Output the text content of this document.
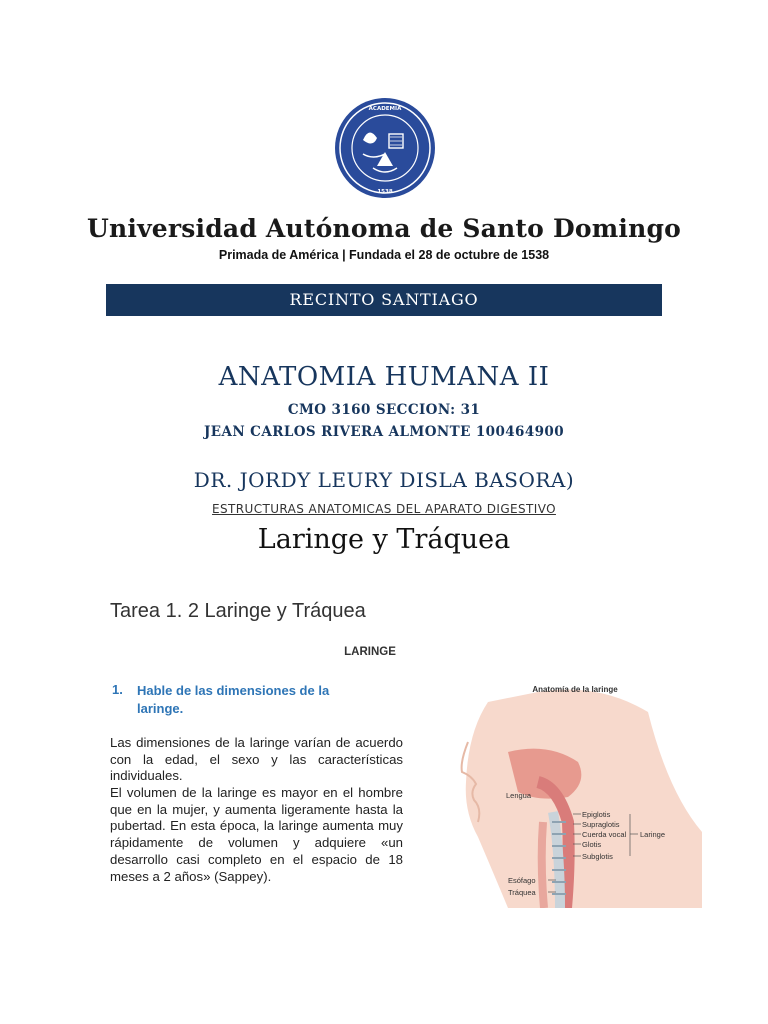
ACADEMIA
1538
Universidad Autónoma de Santo Domingo
Primada de América | Fundada el 28 de octubre de 1538
RECINTO SANTIAGO
ANATOMIA HUMANA II
CMO 3160 SECCION: 31
JEAN CARLOS RIVERA ALMONTE 100464900
DR. JORDY LEURY DISLA BASORA)
ESTRUCTURAS ANATOMICAS DEL APARATO DIGESTIVO
Laringe y Tráquea
Tarea 1. 2 Laringe y Tráquea
LARINGE
1. Hable de las dimensiones de la laringe.
Las dimensiones de la laringe varían de acuerdo con la edad, el sexo y las características individuales.
El volumen de la laringe es mayor en el hombre que en la mujer, y aumenta ligeramente hasta la pubertad. En esta época, la laringe aumenta muy rápidamente de volumen y adquiere «un desarrollo casi completo en el espacio de 18 meses a 2 años» (Sappey).
Anatomía de la laringe
Lengua
Epiglotis
Supraglotis
Cuerda vocal
Glotis
Subglotis
Laringe
Esófago
Tráquea
